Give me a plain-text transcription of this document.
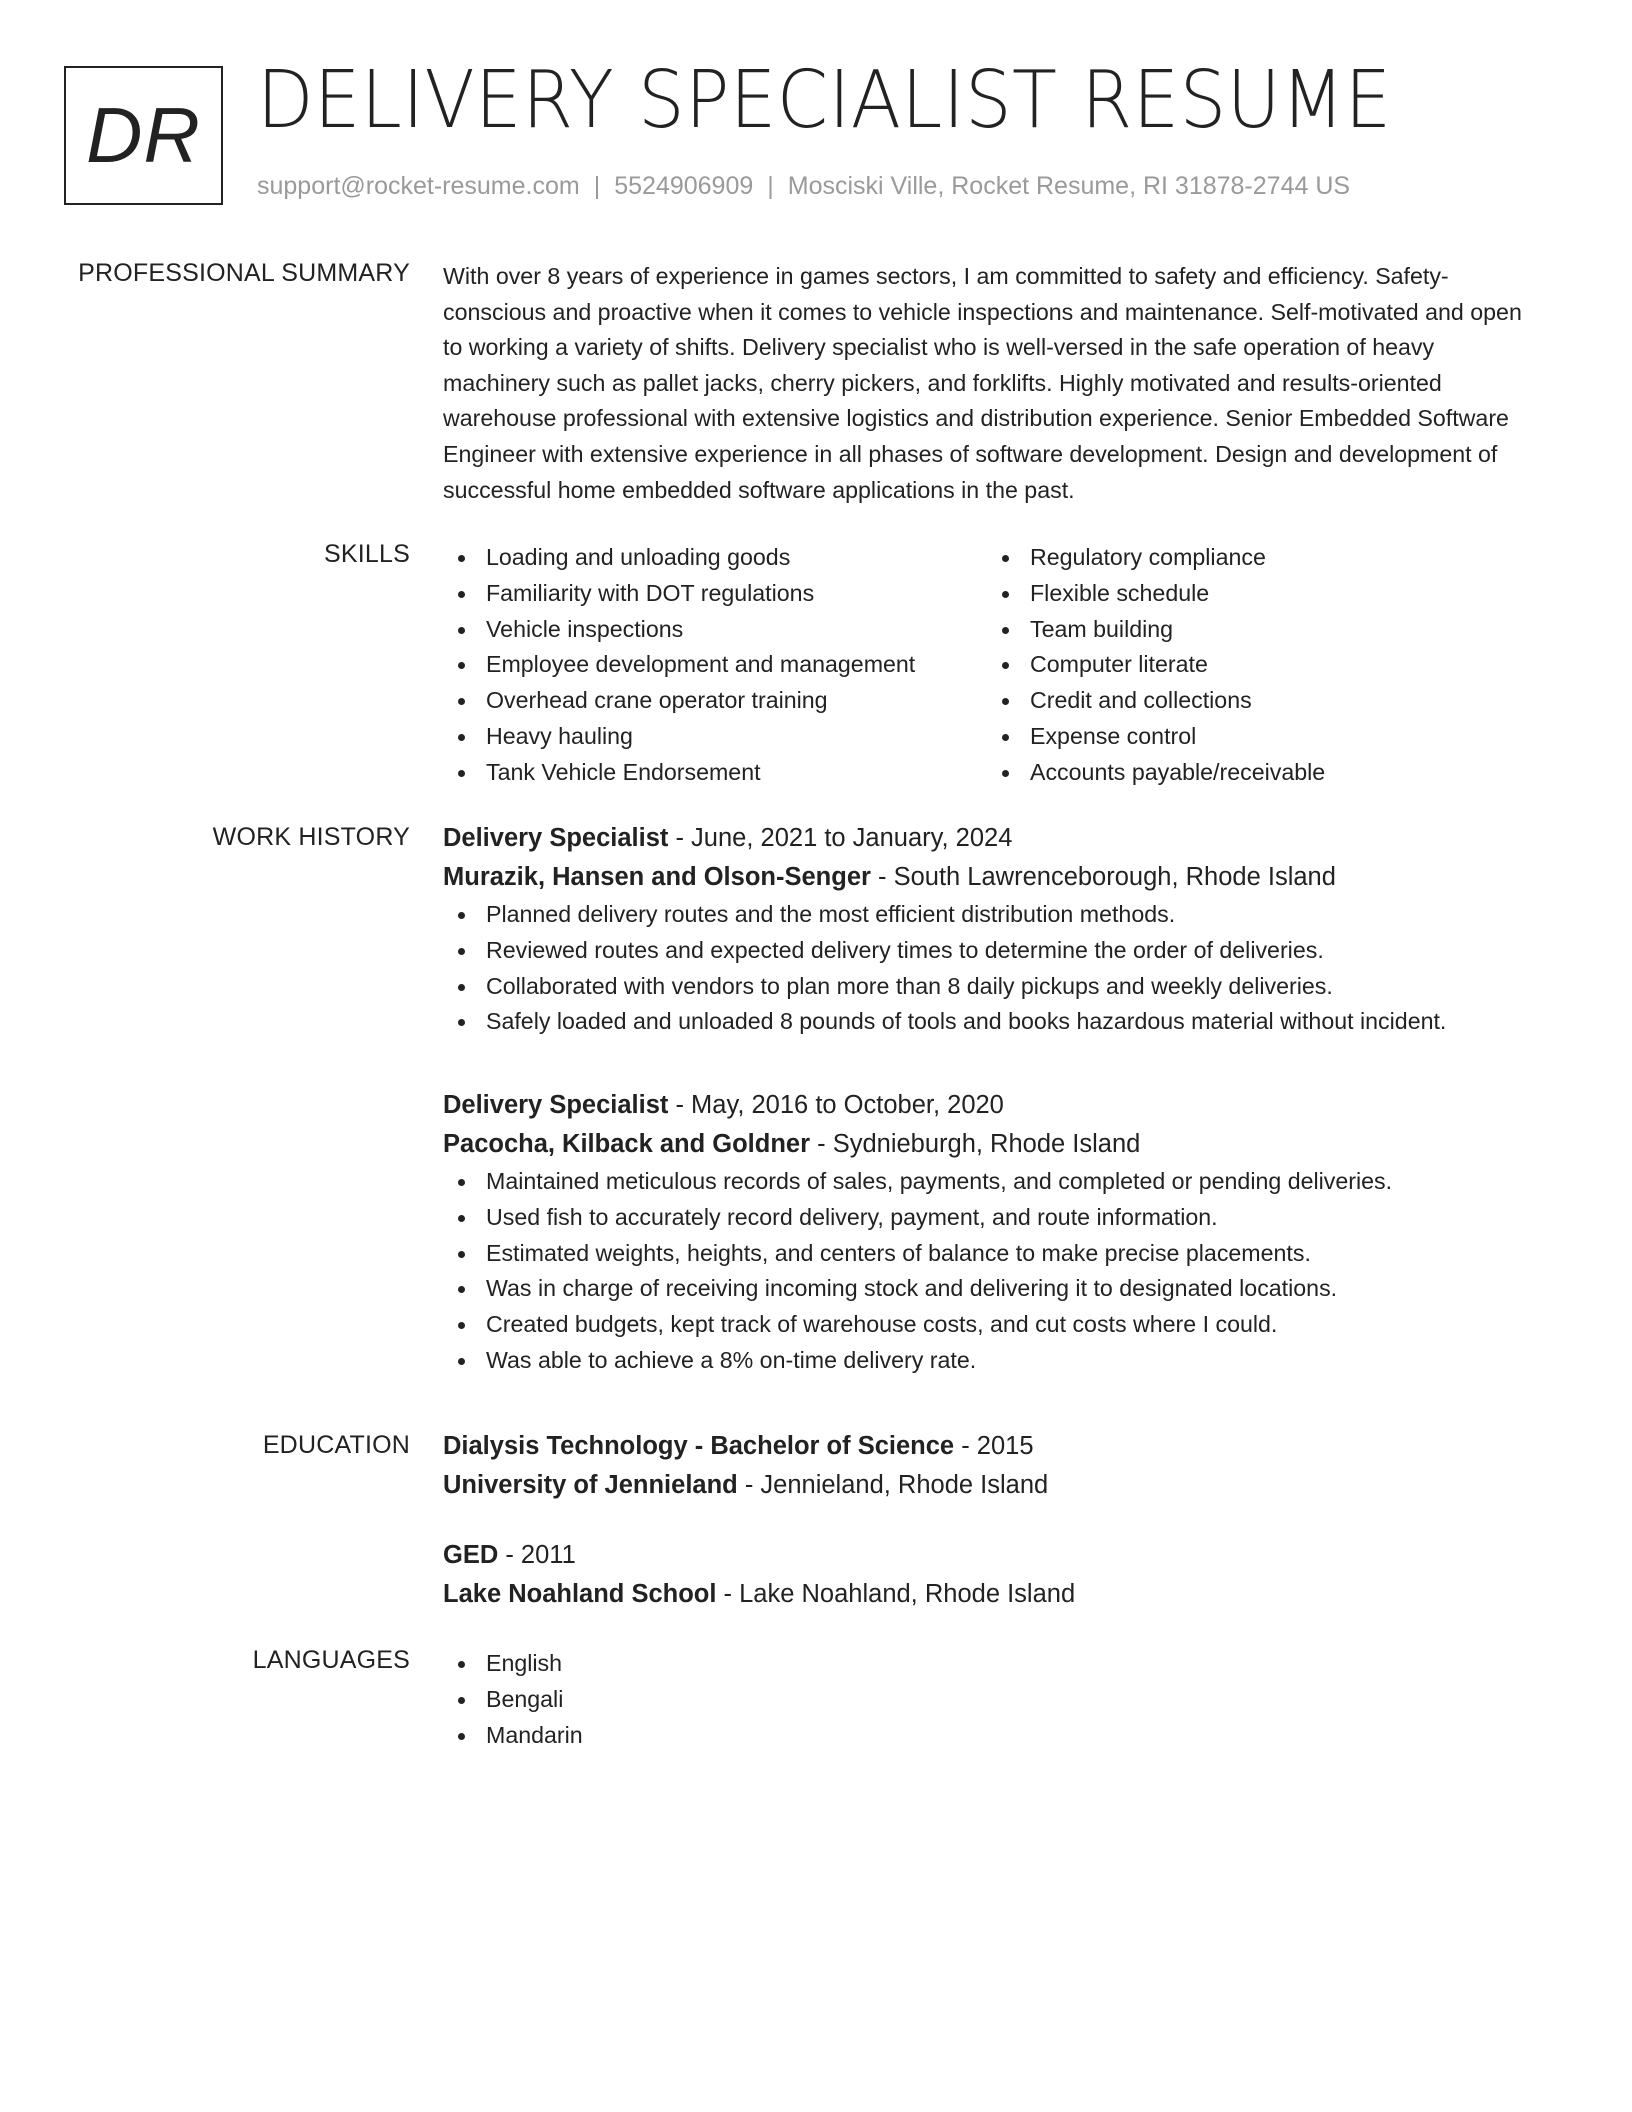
DR DELIVERY SPECIALIST RESUME
support@rocket-resume.com | 5524906909 | Mosciski Ville, Rocket Resume, RI 31878-2744 US
PROFESSIONAL SUMMARY With over 8 years of experience in games sectors, I am committed to safety and efficiency. Safety-conscious and proactive when it comes to vehicle inspections and maintenance. Self-motivated and open to working a variety of shifts. Delivery specialist who is well-versed in the safe operation of heavy machinery such as pallet jacks, cherry pickers, and forklifts. Highly motivated and results-oriented warehouse professional with extensive logistics and distribution experience. Senior Embedded Software Engineer with extensive experience in all phases of software development. Design and development of successful home embedded software applications in the past.

SKILLS	Loading and unloading goods
Familiarity with DOT regulations
Vehicle inspections
Employee development and management
Overhead crane operator training
Heavy hauling
Tank Vehicle Endorsement
Regulatory compliance
Flexible schedule
Team building
Computer literate
Credit and collections
Expense control
Accounts payable/receivable
WORK HISTORY Delivery Specialist - June, 2021 to January, 2024
Murazik, Hansen and Olson-Senger - South Lawrenceborough, Rhode Island
Planned delivery routes and the most efficient distribution methods.
Reviewed routes and expected delivery times to determine the order of deliveries.
Collaborated with vendors to plan more than 8 daily pickups and weekly deliveries.
Safely loaded and unloaded 8 pounds of tools and books hazardous material without incident.
Delivery Specialist - May, 2016 to October, 2020
Pacocha, Kilback and Goldner - Sydnieburgh, Rhode Island
Maintained meticulous records of sales, payments, and completed or pending deliveries.
Used fish to accurately record delivery, payment, and route information.
Estimated weights, heights, and centers of balance to make precise placements.
Was in charge of receiving incoming stock and delivering it to designated locations.
Created budgets, kept track of warehouse costs, and cut costs where I could.
Was able to achieve a 8% on-time delivery rate.
EDUCATION Dialysis Technology - Bachelor of Science - 2015
University of Jennieland - Jennieland, Rhode Island
GED - 2011
Lake Noahland School - Lake Noahland, Rhode Island
LANGUAGES	English
Bengali
Mandarin
